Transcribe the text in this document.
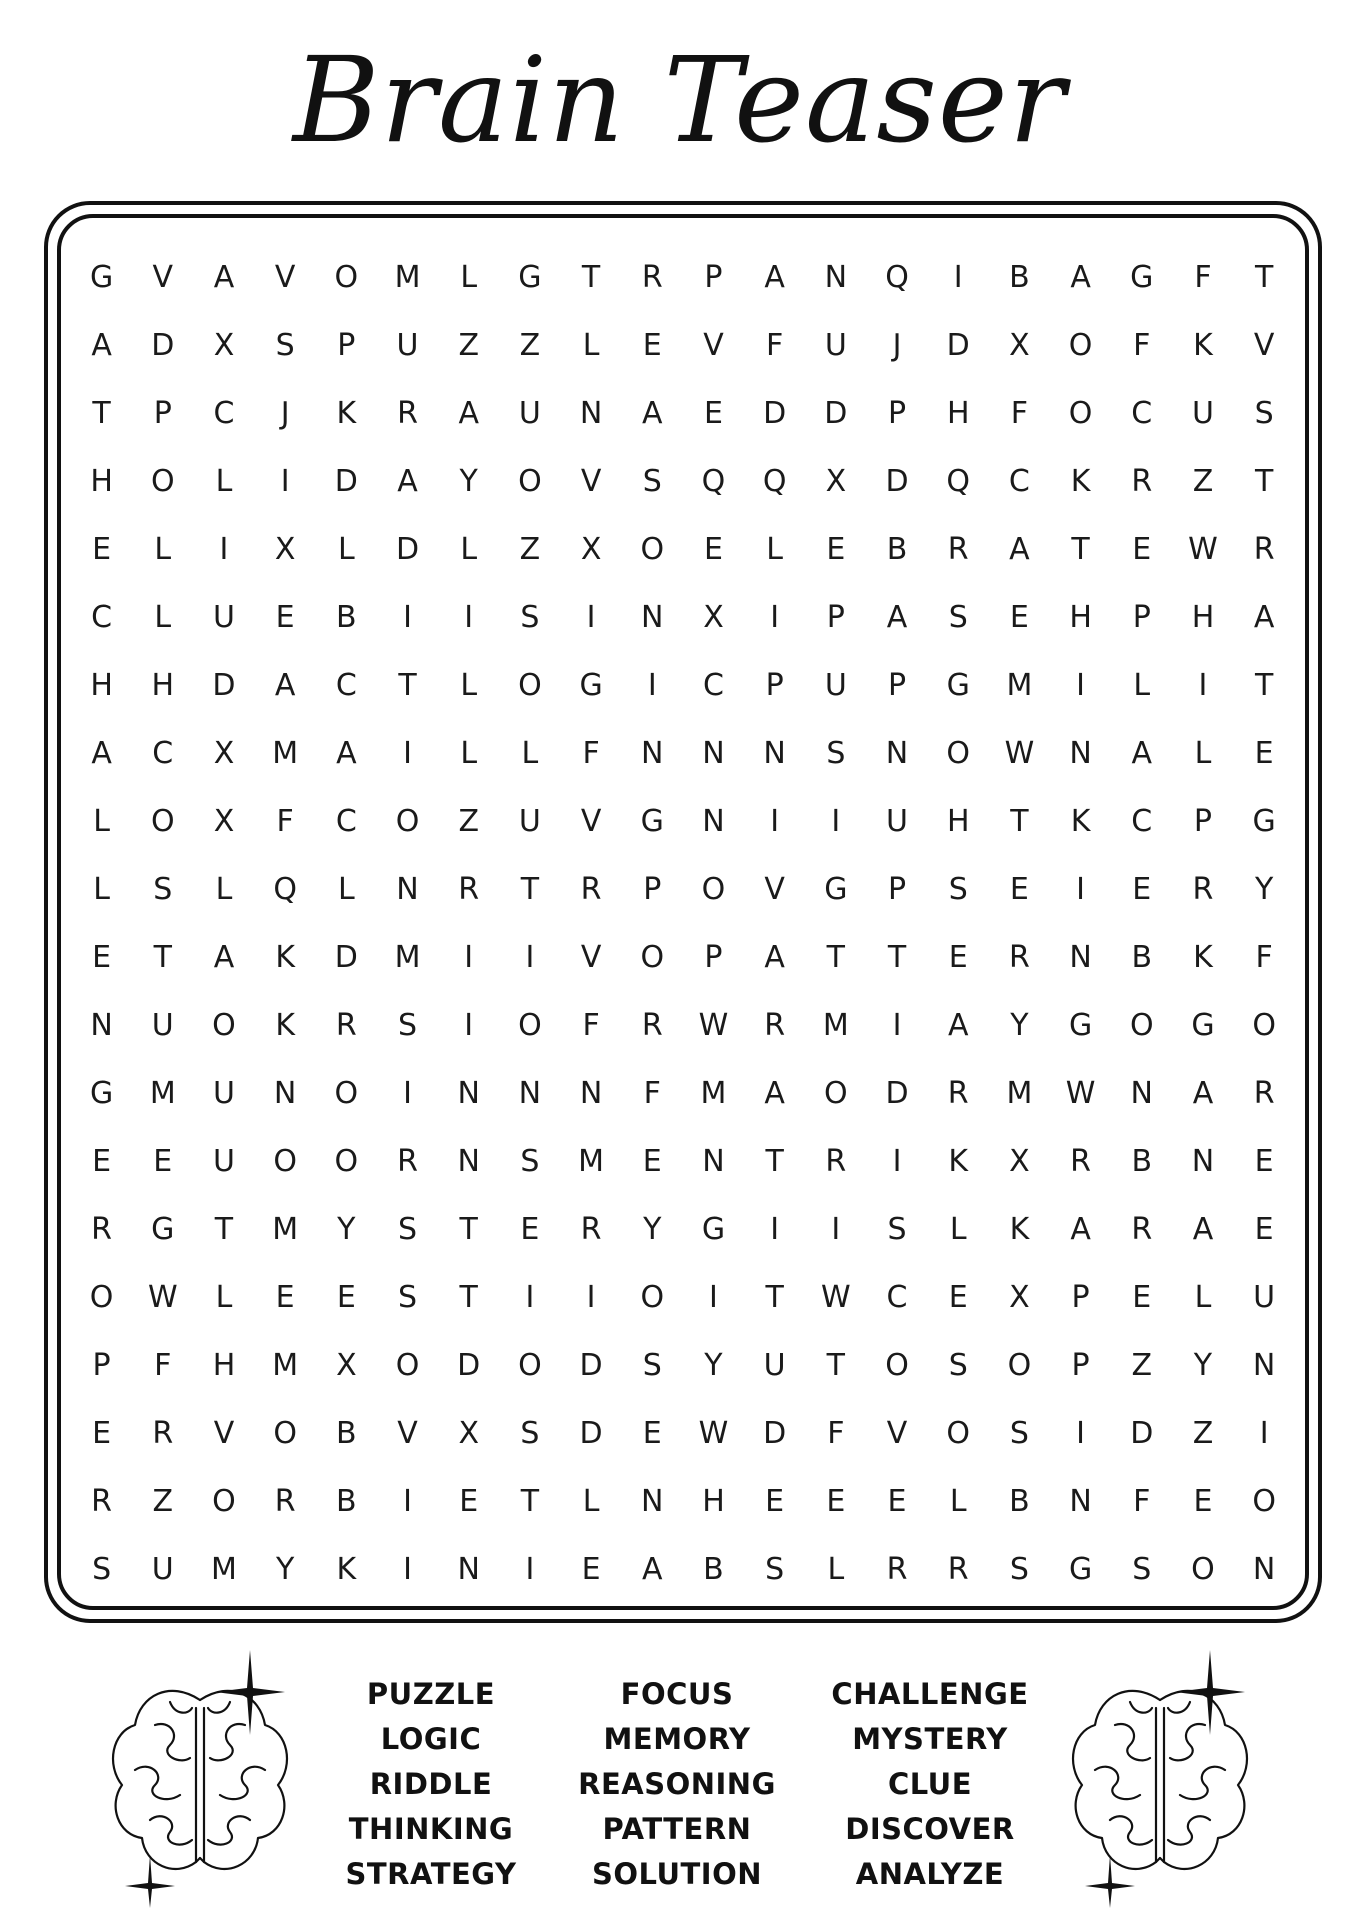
Brain Teaser
G	V	A	V	O	M	L	G	T	R	P	A	N	Q	I	B	A	G	F	T
A	D	X	S	P	U	Z	Z	L	E	V	F	U	J	D	X	O	F	K	V
T	P	C	J	K	R	A	U	N	A	E	D	D	P	H	F	O	C	U	S
H	O	L	I	D	A	Y	O	V	S	Q	Q	X	D	Q	C	K	R	Z	T
E	L	I	X	L	D	L	Z	X	O	E	L	E	B	R	A	T	E	W	R
C	L	U	E	B	I	I	S	I	N	X	I	P	A	S	E	H	P	H	A
H	H	D	A	C	T	L	O	G	I	C	P	U	P	G	M	I	L	I	T
A	C	X	M	A	I	L	L	F	N	N	N	S	N	O	W	N	A	L	E
L	O	X	F	C	O	Z	U	V	G	N	I	I	U	H	T	K	C	P	G
L	S	L	Q	L	N	R	T	R	P	O	V	G	P	S	E	I	E	R	Y
E	T	A	K	D	M	I	I	V	O	P	A	T	T	E	R	N	B	K	F
N	U	O	K	R	S	I	O	F	R	W	R	M	I	A	Y	G	O	G	O
G	M	U	N	O	I	N	N	N	F	M	A	O	D	R	M	W	N	A	R
E	E	U	O	O	R	N	S	M	E	N	T	R	I	K	X	R	B	N	E
R	G	T	M	Y	S	T	E	R	Y	G	I	I	S	L	K	A	R	A	E
O	W	L	E	E	S	T	I	I	O	I	T	W	C	E	X	P	E	L	U
P	F	H	M	X	O	D	O	D	S	Y	U	T	O	S	O	P	Z	Y	N
E	R	V	O	B	V	X	S	D	E	W	D	F	V	O	S	I	D	Z	I
R	Z	O	R	B	I	E	T	L	N	H	E	E	E	L	B	N	F	E	O
S	U	M	Y	K	I	N	I	E	A	B	S	L	R	R	S	G	S	O	N
PUZZLE
LOGIC
RIDDLE
THINKING
STRATEGY
FOCUS
MEMORY
REASONING
PATTERN
SOLUTION
CHALLENGE
MYSTERY
CLUE
DISCOVER
ANALYZE
